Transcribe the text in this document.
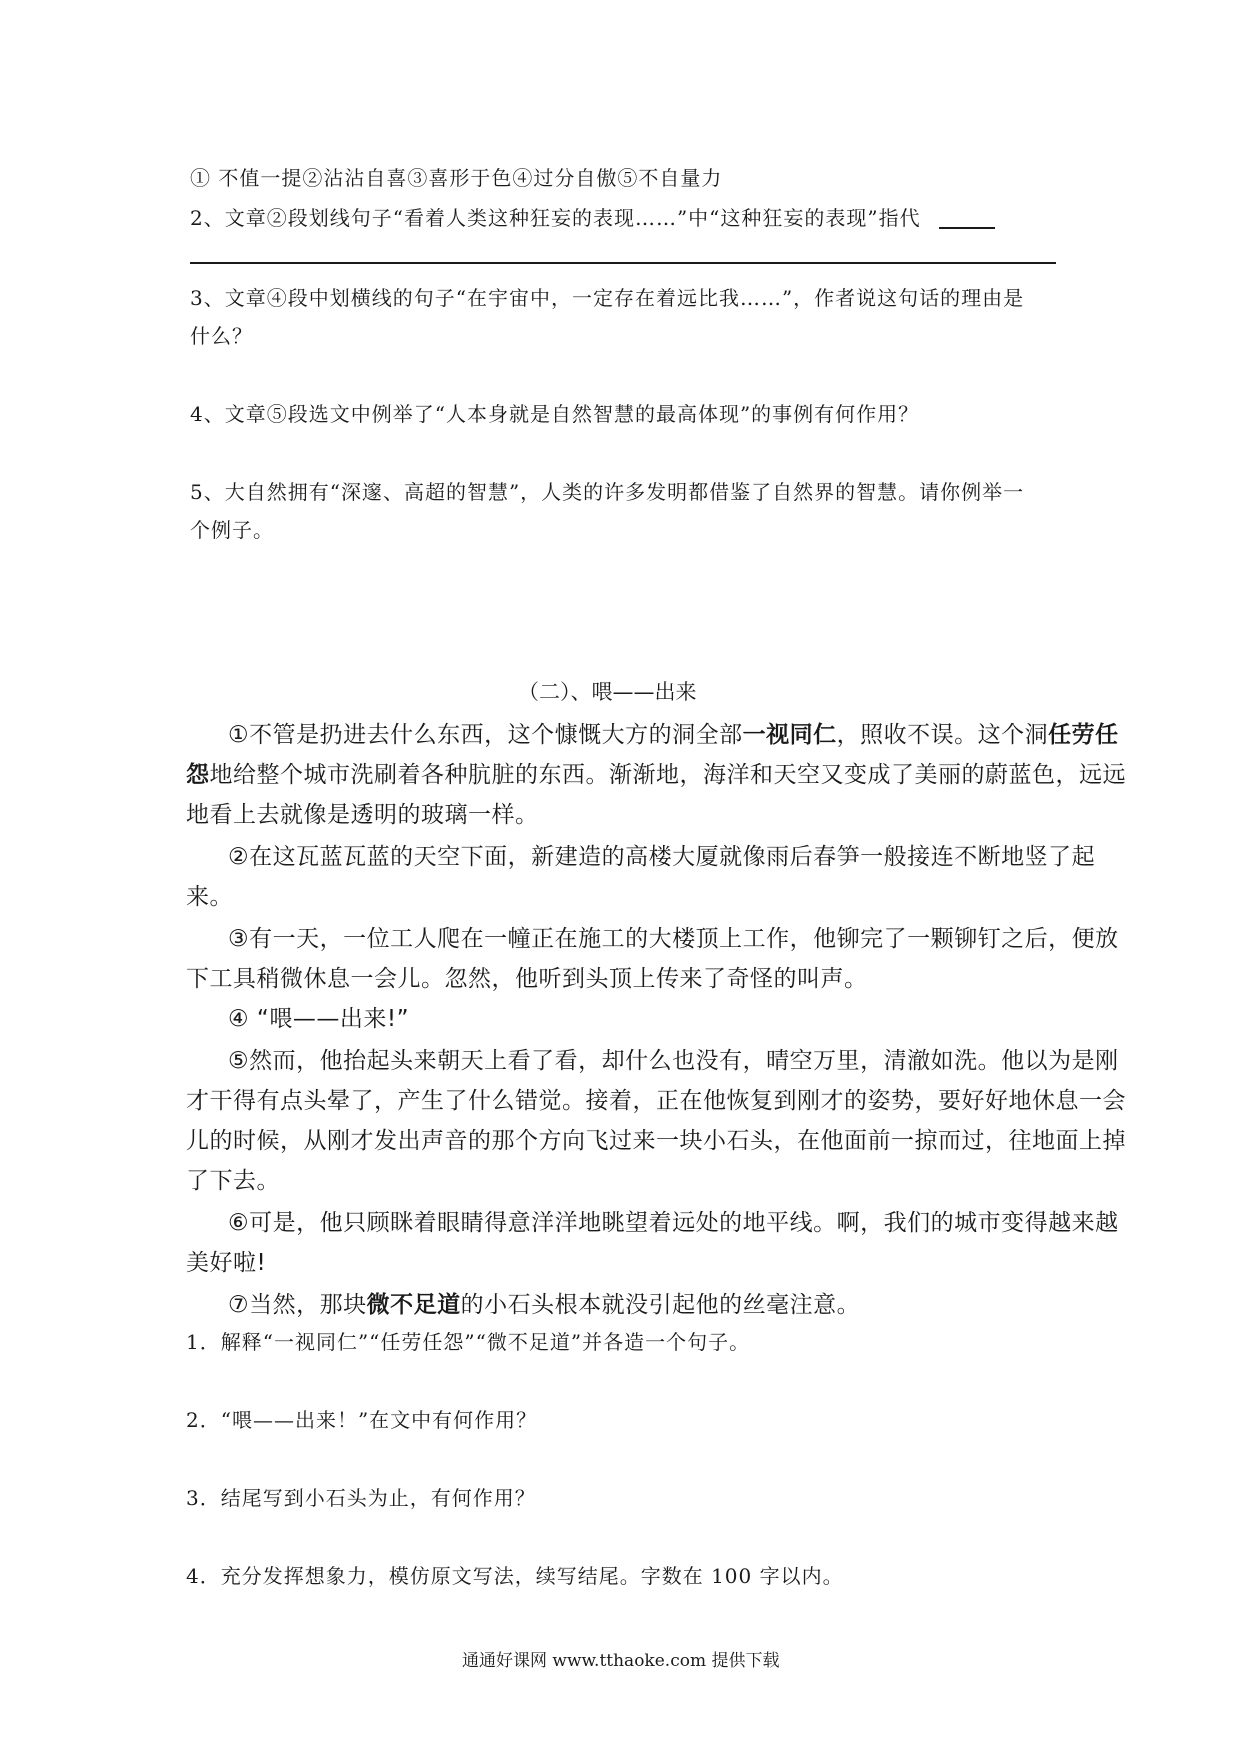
① 不值一提②沾沾自喜③喜形于色④过分自傲⑤不自量力
2、文章②段划线句子“看着人类这种狂妄的表现……”中“这种狂妄的表现”指代
3、文章④段中划横线的句子“在宇宙中，一定存在着远比我……”，作者说这句话的理由是
什么？
4、文章⑤段选文中例举了“人本身就是自然智慧的最高体现”的事例有何作用？
5、大自然拥有“深邃、高超的智慧”，人类的许多发明都借鉴了自然界的智慧。请你例举一
个例子。
（二）、喂——出来
①不管是扔进去什么东西，这个慷慨大方的洞全部一视同仁，照收不误。这个洞任劳任
怨地给整个城市洗刷着各种肮脏的东西。渐渐地，海洋和天空又变成了美丽的蔚蓝色，远远
地看上去就像是透明的玻璃一样。
②在这瓦蓝瓦蓝的天空下面，新建造的高楼大厦就像雨后春笋一般接连不断地竖了起
来。
③有一天，一位工人爬在一幢正在施工的大楼顶上工作，他铆完了一颗铆钉之后，便放
下工具稍微休息一会儿。忽然，他听到头顶上传来了奇怪的叫声。
④ “喂——出来!”
⑤然而，他抬起头来朝天上看了看，却什么也没有，晴空万里，清澈如洗。他以为是刚
才干得有点头晕了，产生了什么错觉。接着，正在他恢复到刚才的姿势，要好好地休息一会
儿的时候，从刚才发出声音的那个方向飞过来一块小石头，在他面前一掠而过，往地面上掉
了下去。
⑥可是，他只顾眯着眼睛得意洋洋地眺望着远处的地平线。啊，我们的城市变得越来越
美好啦!
⑦当然，那块微不足道的小石头根本就没引起他的丝毫注意。
1．解释“一视同仁”“任劳任怨”“微不足道”并各造一个句子。
2．“喂——出来！”在文中有何作用？
3．结尾写到小石头为止，有何作用？
4．充分发挥想象力，模仿原文写法，续写结尾。字数在 100 字以内。
通通好课网 www.tthaoke.com 提供下载
